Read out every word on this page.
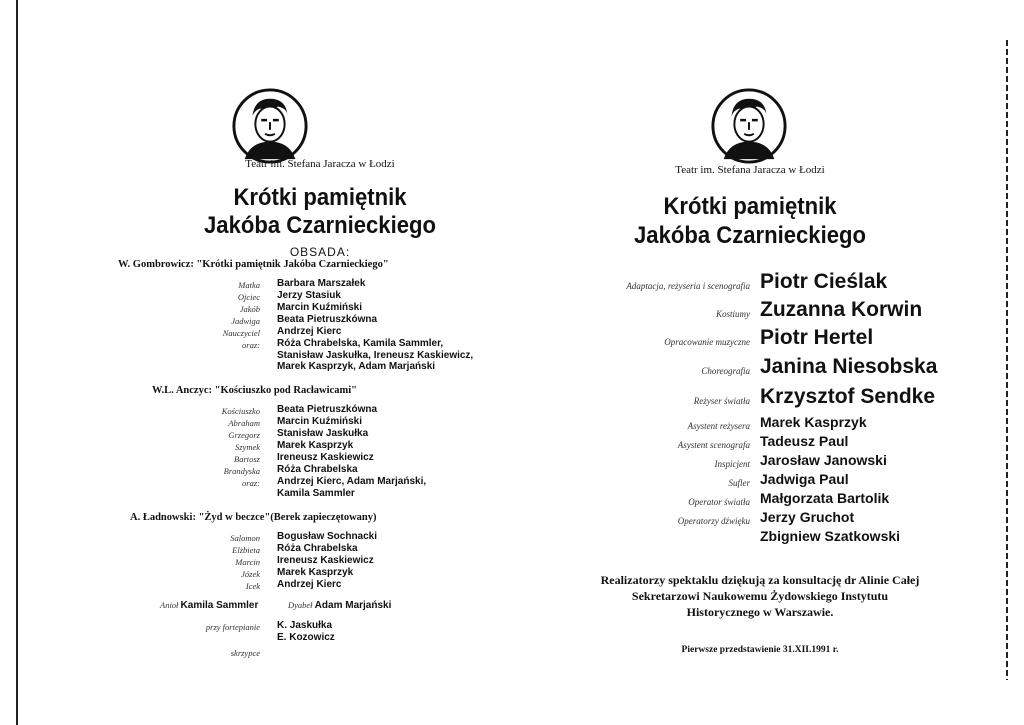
Teatr im. Stefana Jaracza w Łodzi
Krótki pamiętnik
Jakóba Czarnieckiego
OBSADA:
W. Gombrowicz: "Krótki pamiętnik Jakóba Czarnieckiego"
Matka Barbara Marszałek
Ojciec Jerzy Stasiuk
Jakób Marcin Kuźmiński
Jadwiga Beata Pietruszkówna
Nauczyciel Andrzej Kierc
oraz: Róża Chrabelska, Kamila Sammler,
Stanisław Jaskułka, Ireneusz Kaskiewicz,
Marek Kasprzyk, Adam Marjański
W.L. Anczyc: "Kościuszko pod Racławicami"
Kościuszko Beata Pietruszkówna
Abraham Marcin Kuźmiński
Grzegorz Stanisław Jaskułka
Szymek Marek Kasprzyk
Bartosz Ireneusz Kaskiewicz
Brandyska Róża Chrabelska
oraz: Andrzej Kierc, Adam Marjański,
Kamila Sammler
A. Ładnowski: "Żyd w beczce"(Berek zapieczętowany)
Salomon Bogusław Sochnacki
Elżbieta Róża Chrabelska
Marcin Ireneusz Kaskiewicz
Józek Marek Kasprzyk
Icek Andrzej Kierc
Anioł Kamila Sammler	Dyabeł Adam Marjański
przy fortepianie K. Jaskułka
E. Kozowicz
skrzypce
Teatr im. Stefana Jaracza w Łodzi
Krótki pamiętnik
Jakóba Czarnieckiego
Adaptacja, reżyseria i scenografia Piotr Cieślak
Kostiumy Zuzanna Korwin
Opracowanie muzyczne Piotr Hertel
Choreografia Janina Niesobska
Reżyser światła Krzysztof Sendke
Asystent reżysera Marek Kasprzyk
Asystent scenografa Tadeusz Paul
Inspicjent Jarosław Janowski
Sufler Jadwiga Paul
Operator światła Małgorzata Bartolik
Operatorzy dźwięku Jerzy Gruchot
Zbigniew Szatkowski
Realizatorzy spektaklu dziękują za konsultację dr Alinie Całej
Sekretarzowi Naukowemu Żydowskiego Instytutu
Historycznego w Warszawie.
Pierwsze przedstawienie 31.XII.1991 r.
